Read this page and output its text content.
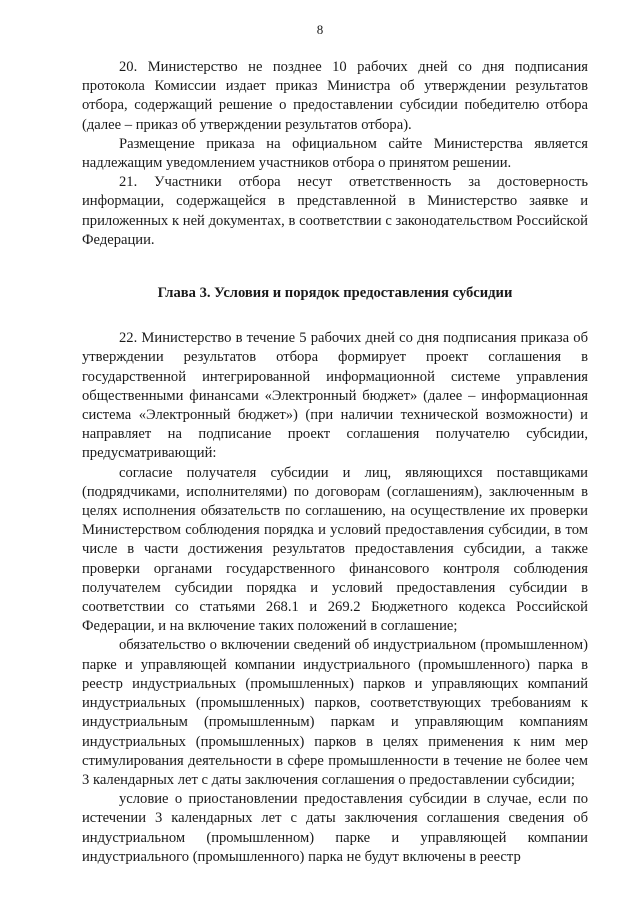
8

20. Министерство не позднее 10 рабочих дней со дня подписания протокола Комиссии издает приказ Министра об утверждении результатов отбора, содержащий решение о предоставлении субсидии победителю отбора (далее – приказ об утверждении результатов отбора).

Размещение приказа на официальном сайте Министерства является надлежащим уведомлением участников отбора о принятом решении.

21. Участники отбора несут ответственность за достоверность информации, содержащейся в представленной в Министерство заявке и приложенных к ней документах, в соответствии с законодательством Российской Федерации.

Глава 3. Условия и порядок предоставления субсидии

22. Министерство в течение 5 рабочих дней со дня подписания приказа об утверждении результатов отбора формирует проект соглашения в государственной интегрированной информационной системе управления общественными финансами «Электронный бюджет» (далее – информационная система «Электронный бюджет») (при наличии технической возможности) и направляет на подписание проект соглашения получателю субсидии, предусматривающий:

согласие получателя субсидии и лиц, являющихся поставщиками (подрядчиками, исполнителями) по договорам (соглашениям), заключенным в целях исполнения обязательств по соглашению, на осуществление их проверки Министерством соблюдения порядка и условий предоставления субсидии, в том числе в части достижения результатов предоставления субсидии, а также проверки органами государственного финансового контроля соблюдения получателем субсидии порядка и условий предоставления субсидии в соответствии со статьями 268.1 и 269.2 Бюджетного кодекса Российской Федерации, и на включение таких положений в соглашение;

обязательство о включении сведений об индустриальном (промышленном) парке и управляющей компании индустриального (промышленного) парка в реестр индустриальных (промышленных) парков и управляющих компаний индустриальных (промышленных) парков, соответствующих требованиям к индустриальным (промышленным) паркам и управляющим компаниям индустриальных (промышленных) парков в целях применения к ним мер стимулирования деятельности в сфере промышленности в течение не более чем 3 календарных лет с даты заключения соглашения о предоставлении субсидии;

условие о приостановлении предоставления субсидии в случае, если по истечении 3 календарных лет с даты заключения соглашения сведения об индустриальном (промышленном) парке и управляющей компании индустриального (промышленного) парка не будут включены в реестр
